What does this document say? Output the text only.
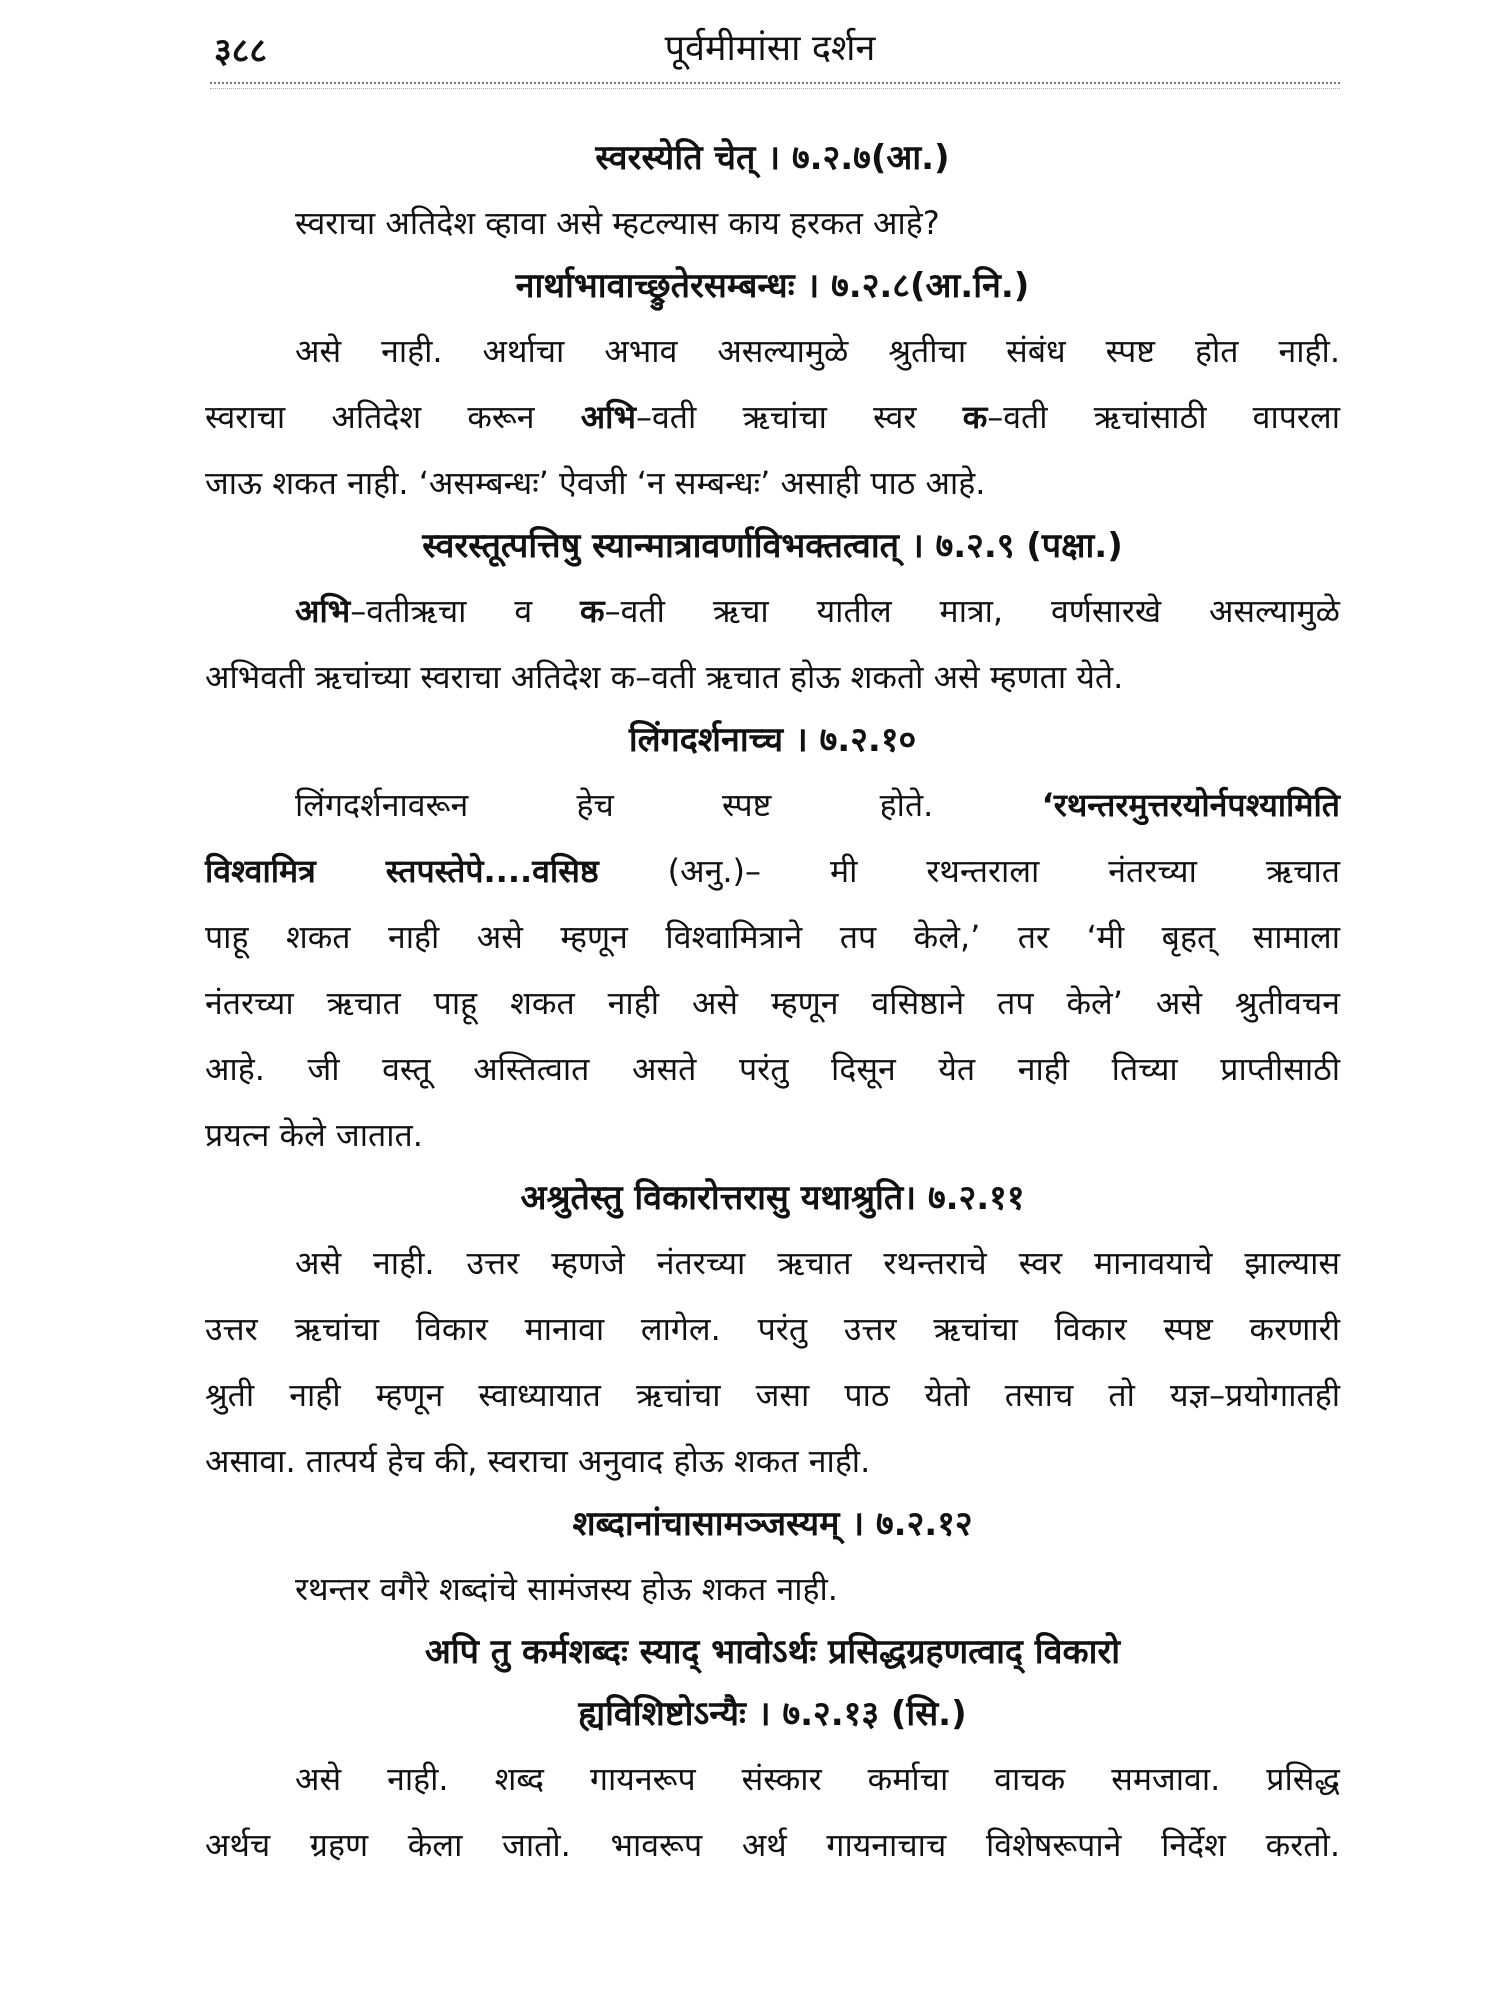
३८८	पूर्वमीमांसा दर्शन
स्वरस्येति चेत् । ७.२.७(आ.)
स्वराचा अतिदेश व्हावा असे म्हटल्यास काय हरकत आहे?
नार्थाभावाच्छ्रुतेरसम्बन्धः । ७.२.८(आ.नि.)
असे नाही. अर्थाचा अभाव असल्यामुळे श्रुतीचा संबंध स्पष्ट होत नाही.
स्वराचा अतिदेश करून अभि–वती ऋचांचा स्वर क–वती ऋचांसाठी वापरला
जाऊ शकत नाही. ‘असम्बन्धः’ ऐवजी ‘न सम्बन्धः’ असाही पाठ आहे.
स्वरस्तूत्पत्तिषु स्यान्मात्रावर्णाविभक्तत्वात् । ७.२.९ (पक्षा.)
अभि–वतीऋचा व क–वती ऋचा यातील मात्रा, वर्णसारखे असल्यामुळे
अभिवती ऋचांच्या स्वराचा अतिदेश क–वती ऋचात होऊ शकतो असे म्हणता येते.
लिंगदर्शनाच्च । ७.२.१०
लिंगदर्शनावरून हेच स्पष्ट होते. ‘रथन्तरमुत्तरयोर्नपश्यामिति
विश्वामित्र स्तपस्तेपे....वसिष्ठ (अनु.)– मी रथन्तराला नंतरच्या ऋचात
पाहू शकत नाही असे म्हणून विश्वामित्राने तप केले,’ तर ‘मी बृहत् सामाला
नंतरच्या ऋचात पाहू शकत नाही असे म्हणून वसिष्ठाने तप केले’ असे श्रुतीवचन
आहे. जी वस्तू अस्तित्वात असते परंतु दिसून येत नाही तिच्या प्राप्तीसाठी
प्रयत्न केले जातात.
अश्रुतेस्तु विकारोत्तरासु यथाश्रुति। ७.२.११
असे नाही. उत्तर म्हणजे नंतरच्या ऋचात रथन्तराचे स्वर मानावयाचे झाल्यास
उत्तर ऋचांचा विकार मानावा लागेल. परंतु उत्तर ऋचांचा विकार स्पष्ट करणारी
श्रुती नाही म्हणून स्वाध्यायात ऋचांचा जसा पाठ येतो तसाच तो यज्ञ–प्रयोगातही
असावा. तात्पर्य हेच की, स्वराचा अनुवाद होऊ शकत नाही.
शब्दानांचासामञ्जस्यम् । ७.२.१२
रथन्तर वगैरे शब्दांचे सामंजस्य होऊ शकत नाही.
अपि तु कर्मशब्दः स्याद् भावोऽर्थः प्रसिद्धग्रहणत्वाद् विकारो
ह्यविशिष्टोऽन्यैः । ७.२.१३ (सि.)
असे नाही. शब्द गायनरूप संस्कार कर्माचा वाचक समजावा. प्रसिद्ध
अर्थच ग्रहण केला जातो. भावरूप अर्थ गायनाचाच विशेषरूपाने निर्देश करतो.
